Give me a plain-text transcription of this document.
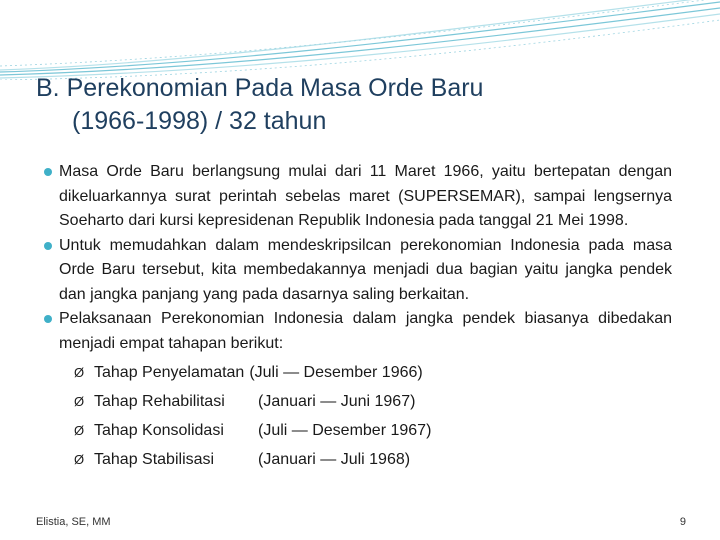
B. Perekonomian Pada Masa Orde Baru
(1966-1998) / 32 tahun
Masa Orde Baru berlangsung mulai dari 11 Maret 1966, yaitu bertepatan dengan dikeluarkannya surat perintah sebelas maret (SUPERSEMAR), sampai lengsernya Soeharto dari kursi kepresidenan Republik Indonesia pada tanggal 21 Mei 1998.
Untuk memudahkan dalam mendeskripsilcan perekonomian Indonesia pada masa Orde Baru tersebut, kita membedakannya menjadi dua bagian yaitu jangka pendek dan jangka panjang yang pada dasarnya saling berkaitan.
Pelaksanaan Perekonomian Indonesia dalam jangka pendek biasanya dibedakan menjadi empat tahapan berikut:
Ø Tahap Penyelamatan (Juli — Desember 1966)
Ø Tahap Rehabilitasi	(Januari — Juni 1967)
Ø Tahap Konsolidasi	(Juli — Desember 1967)
Ø Tahap Stabilisasi	(Januari — Juli 1968)
Elistia, SE, MM	9
